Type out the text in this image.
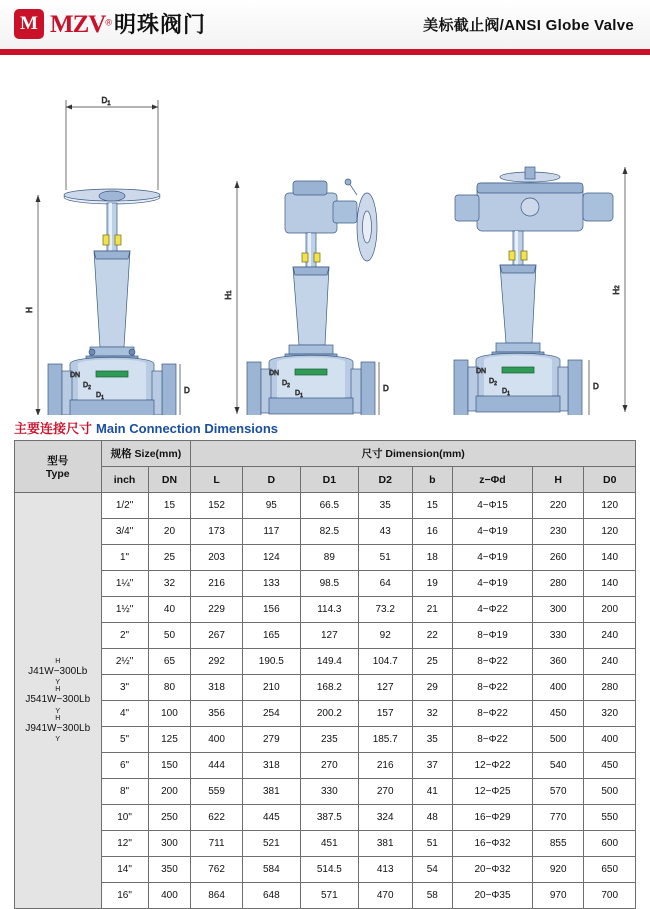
M MZV®明珠阀门	美标截止阀/ANSI Globe Valve
$D_1$
H
DN
$D_2$
$D_1$
D
H1
DN
$D_2$
$D_1$
D
H2
DN
$D_2$
$D_1$
D
主要连接尺寸 Main Connection Dimensions
型号
Type	规格 Size(mm)		尺寸 Dimension(mm)							
	inch	DN	L	D	D1	D2	b	z−Φd	H	D0

H
J41W−300Lb
Y
H
J541W−300Lb
Y
H
J941W−300Lb
Y
	1/2"	15	152	95	66.5	35	15	4−Φ15	220	120
	3/4"	20	173	117	82.5	43	16	4−Φ19	230	120
	1"	25	203	124	89	51	18	4−Φ19	260	140
	1¼"	32	216	133	98.5	64	19	4−Φ19	280	140
	1½"	40	229	156	114.3	73.2	21	4−Φ22	300	200
	2"	50	267	165	127	92	22	8−Φ19	330	240
	2½"	65	292	190.5	149.4	104.7	25	8−Φ22	360	240
	3"	80	318	210	168.2	127	29	8−Φ22	400	280
	4"	100	356	254	200.2	157	32	8−Φ22	450	320
	5"	125	400	279	235	185.7	35	8−Φ22	500	400
	6"	150	444	318	270	216	37	12−Φ22	540	450
	8"	200	559	381	330	270	41	12−Φ25	570	500
	10"	250	622	445	387.5	324	48	16−Φ29	770	550
	12"	300	711	521	451	381	51	16−Φ32	855	600
	14"	350	762	584	514.5	413	54	20−Φ32	920	650
	16"	400	864	648	571	470	58	20−Φ35	970	700
